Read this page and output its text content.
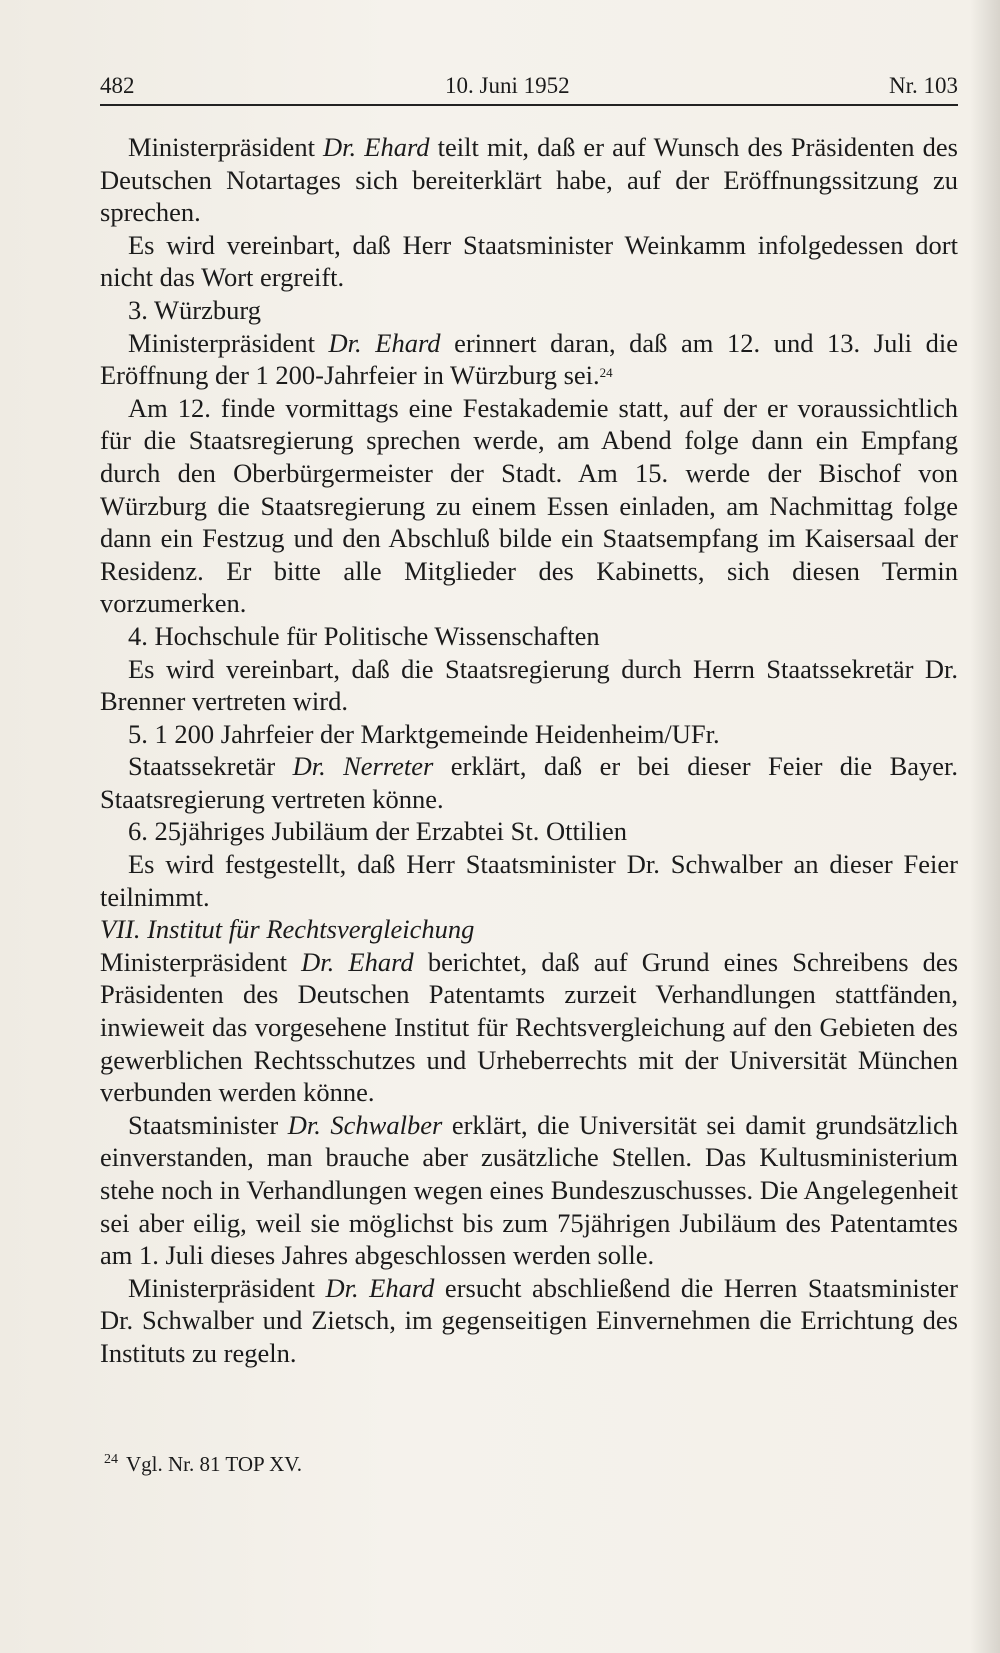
482	10. Juni 1952	Nr. 103

Ministerpräsident Dr. Ehard teilt mit, daß er auf Wunsch des Präsidenten des Deutschen Notartages sich bereiterklärt habe, auf der Eröffnungssitzung zu sprechen.

Es wird vereinbart, daß Herr Staatsminister Weinkamm infolgedessen dort nicht das Wort ergreift.

3. Würzburg

Ministerpräsident Dr. Ehard erinnert daran, daß am 12. und 13. Juli die Eröffnung der 1 200-Jahrfeier in Würzburg sei.$^{24}$

Am 12. finde vormittags eine Festakademie statt, auf der er voraussichtlich für die Staatsregierung sprechen werde, am Abend folge dann ein Empfang durch den Oberbürgermeister der Stadt. Am 15. werde der Bischof von Würzburg die Staatsregierung zu einem Essen einladen, am Nachmittag folge dann ein Festzug und den Abschluß bilde ein Staatsempfang im Kaisersaal der Residenz. Er bitte alle Mitglieder des Kabinetts, sich diesen Termin vorzumerken.

4. Hochschule für Politische Wissenschaften

Es wird vereinbart, daß die Staatsregierung durch Herrn Staatssekretär Dr. Brenner vertreten wird.

5. 1 200 Jahrfeier der Marktgemeinde Heidenheim/UFr.

Staatssekretär Dr. Nerreter erklärt, daß er bei dieser Feier die Bayer. Staatsregierung vertreten könne.

6. 25jähriges Jubiläum der Erzabtei St. Ottilien

Es wird festgestellt, daß Herr Staatsminister Dr. Schwalber an dieser Feier teilnimmt.

VII. Institut für Rechtsvergleichung

Ministerpräsident Dr. Ehard berichtet, daß auf Grund eines Schreibens des Präsidenten des Deutschen Patentamts zurzeit Verhandlungen stattfänden, inwieweit das vorgesehene Institut für Rechtsvergleichung auf den Gebieten des gewerblichen Rechtsschutzes und Urheberrechts mit der Universität München verbunden werden könne.

Staatsminister Dr. Schwalber erklärt, die Universität sei damit grundsätzlich einverstanden, man brauche aber zusätzliche Stellen. Das Kultusministerium stehe noch in Verhandlungen wegen eines Bundeszuschusses. Die Angelegenheit sei aber eilig, weil sie möglichst bis zum 75jährigen Jubiläum des Patentamtes am 1. Juli dieses Jahres abgeschlossen werden solle.

Ministerpräsident Dr. Ehard ersucht abschließend die Herren Staatsminister Dr. Schwalber und Zietsch, im gegenseitigen Einvernehmen die Errichtung des Instituts zu regeln.

$^{24}$ Vgl. Nr. 81 TOP XV.
